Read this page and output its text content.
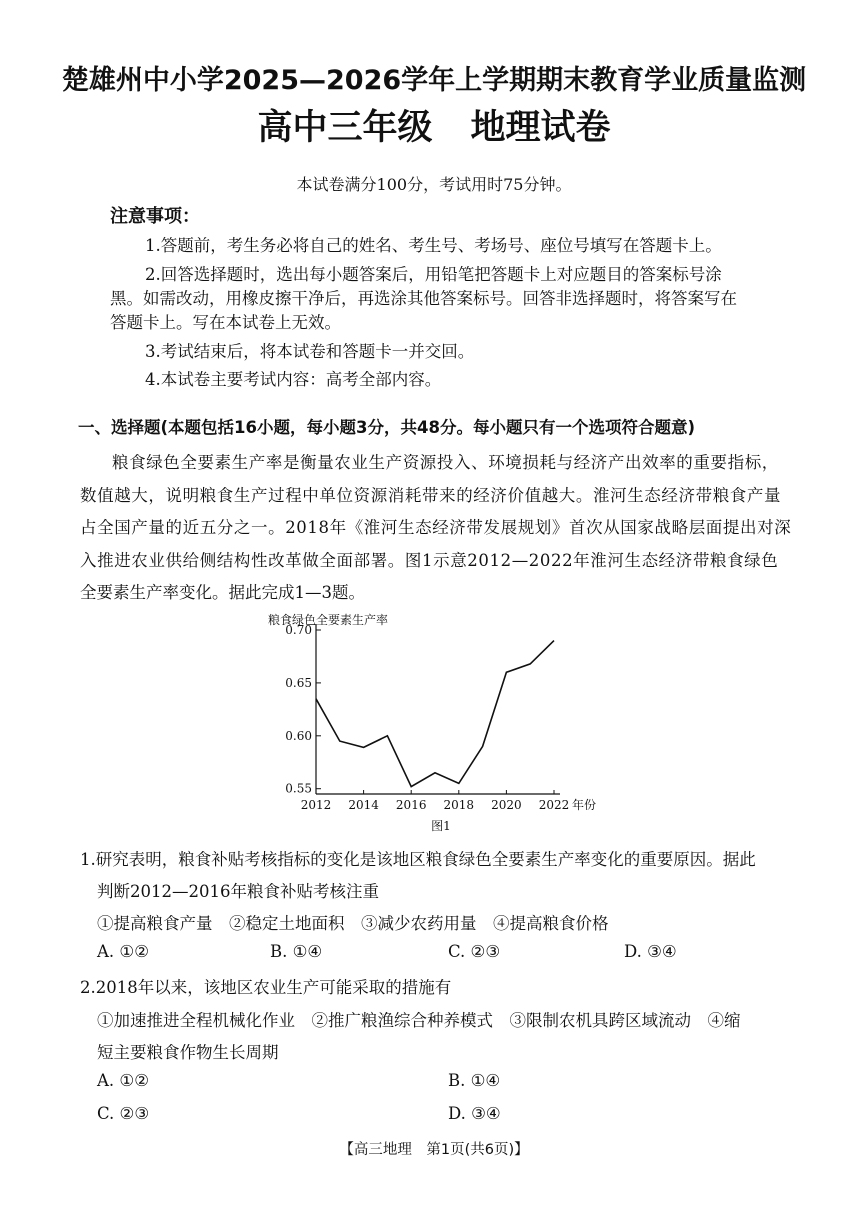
楚雄州中小学2025—2026学年上学期期末教育学业质量监测
高中三年级 地理试卷
本试卷满分100分，考试用时75分钟。
注意事项：
1.答题前，考生务必将自己的姓名、考生号、考场号、座位号填写在答题卡上。
2.回答选择题时，选出每小题答案后，用铅笔把答题卡上对应题目的答案标号涂
黑。如需改动，用橡皮擦干净后，再选涂其他答案标号。回答非选择题时，将答案写在
答题卡上。写在本试卷上无效。
3.考试结束后，将本试卷和答题卡一并交回。
4.本试卷主要考试内容：高考全部内容。
一、选择题(本题包括16小题，每小题3分，共48分。每小题只有一个选项符合题意)
粮食绿色全要素生产率是衡量农业生产资源投入、环境损耗与经济产出效率的重要指标，
数值越大，说明粮食生产过程中单位资源消耗带来的经济价值越大。淮河生态经济带粮食产量
占全国产量的近五分之一。2018年《淮河生态经济带发展规划》首次从国家战略层面提出对深
入推进农业供给侧结构性改革做全面部署。图1示意2012—2022年淮河生态经济带粮食绿色
全要素生产率变化。据此完成1—3题。
粮食绿色全要素生产率
0.55
0.60
0.65
0.70
2012 2014 2016 2018 2020 2022 年份
图1
1.研究表明，粮食补贴考核指标的变化是该地区粮食绿色全要素生产率变化的重要原因。据此
判断2012—2016年粮食补贴考核注重
①提高粮食产量　②稳定土地面积　③减少农药用量　④提高粮食价格
A. ①②	B. ①④	C. ②③	D. ③④
2.2018年以来，该地区农业生产可能采取的措施有
①加速推进全程机械化作业　②推广粮渔综合种养模式　③限制农机具跨区域流动　④缩
短主要粮食作物生长周期
A. ①②	B. ①④
C. ②③	D. ③④
【高三地理　第1页(共6页)】
